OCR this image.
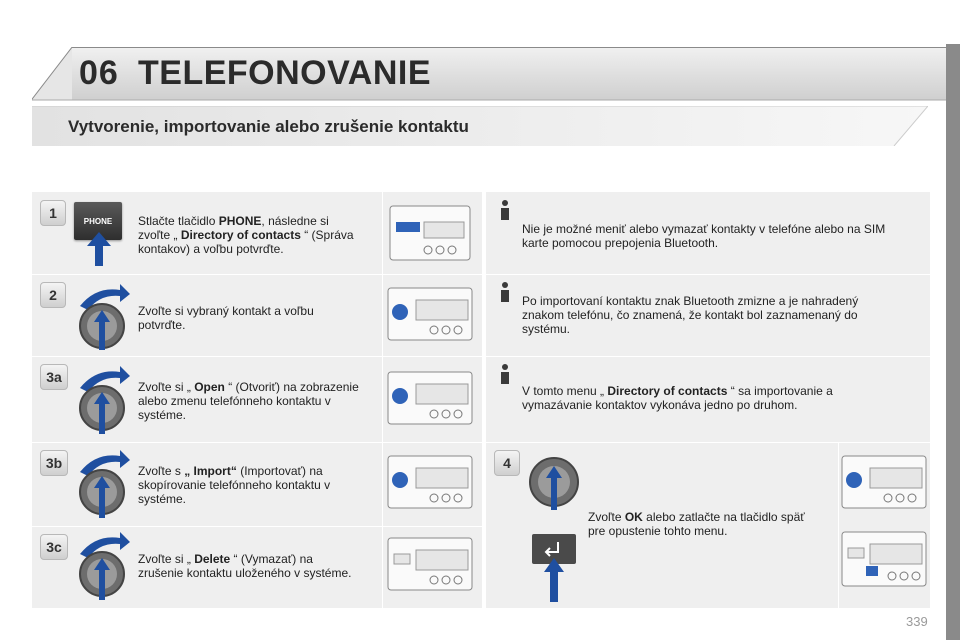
06 TELEFONOVANIE
Vytvorenie, importovanie alebo zrušenie kontaktu
1	PHONE Stlačte tlačidlo PHONE, následne si
zvoľte „ Directory of contacts “ (Správa
kontakov) a voľbu potvrďte.
2
Zvoľte si vybraný kontakt a voľbu
potvrďte.
3a
Zvoľte si „ Open “ (Otvoriť) na zobrazenie
alebo zmenu telefónneho kontaktu v
systéme.
3b	Zvoľte s „ Import“ (Importovať) na
skopírovanie telefónneho kontaktu v
systéme.
3c
Zvoľte si „ Delete “ (Vymazať) na
zrušenie kontaktu uloženého v systéme.
Nie je možné meniť alebo vymazať kontakty v telefóne alebo na SIM
karte pomocou prepojenia Bluetooth.
Po importovaní kontaktu znak Bluetooth zmizne a je nahradený
znakom telefónu, čo znamená, že kontakt bol zaznamenaný do
systému.
V tomto menu „ Directory of contacts “ sa importovanie a
vymazávanie kontaktov vykonáva jedno po druhom.
4
Zvoľte OK alebo zatlačte na tlačidlo späť
pre opustenie tohto menu.
339
